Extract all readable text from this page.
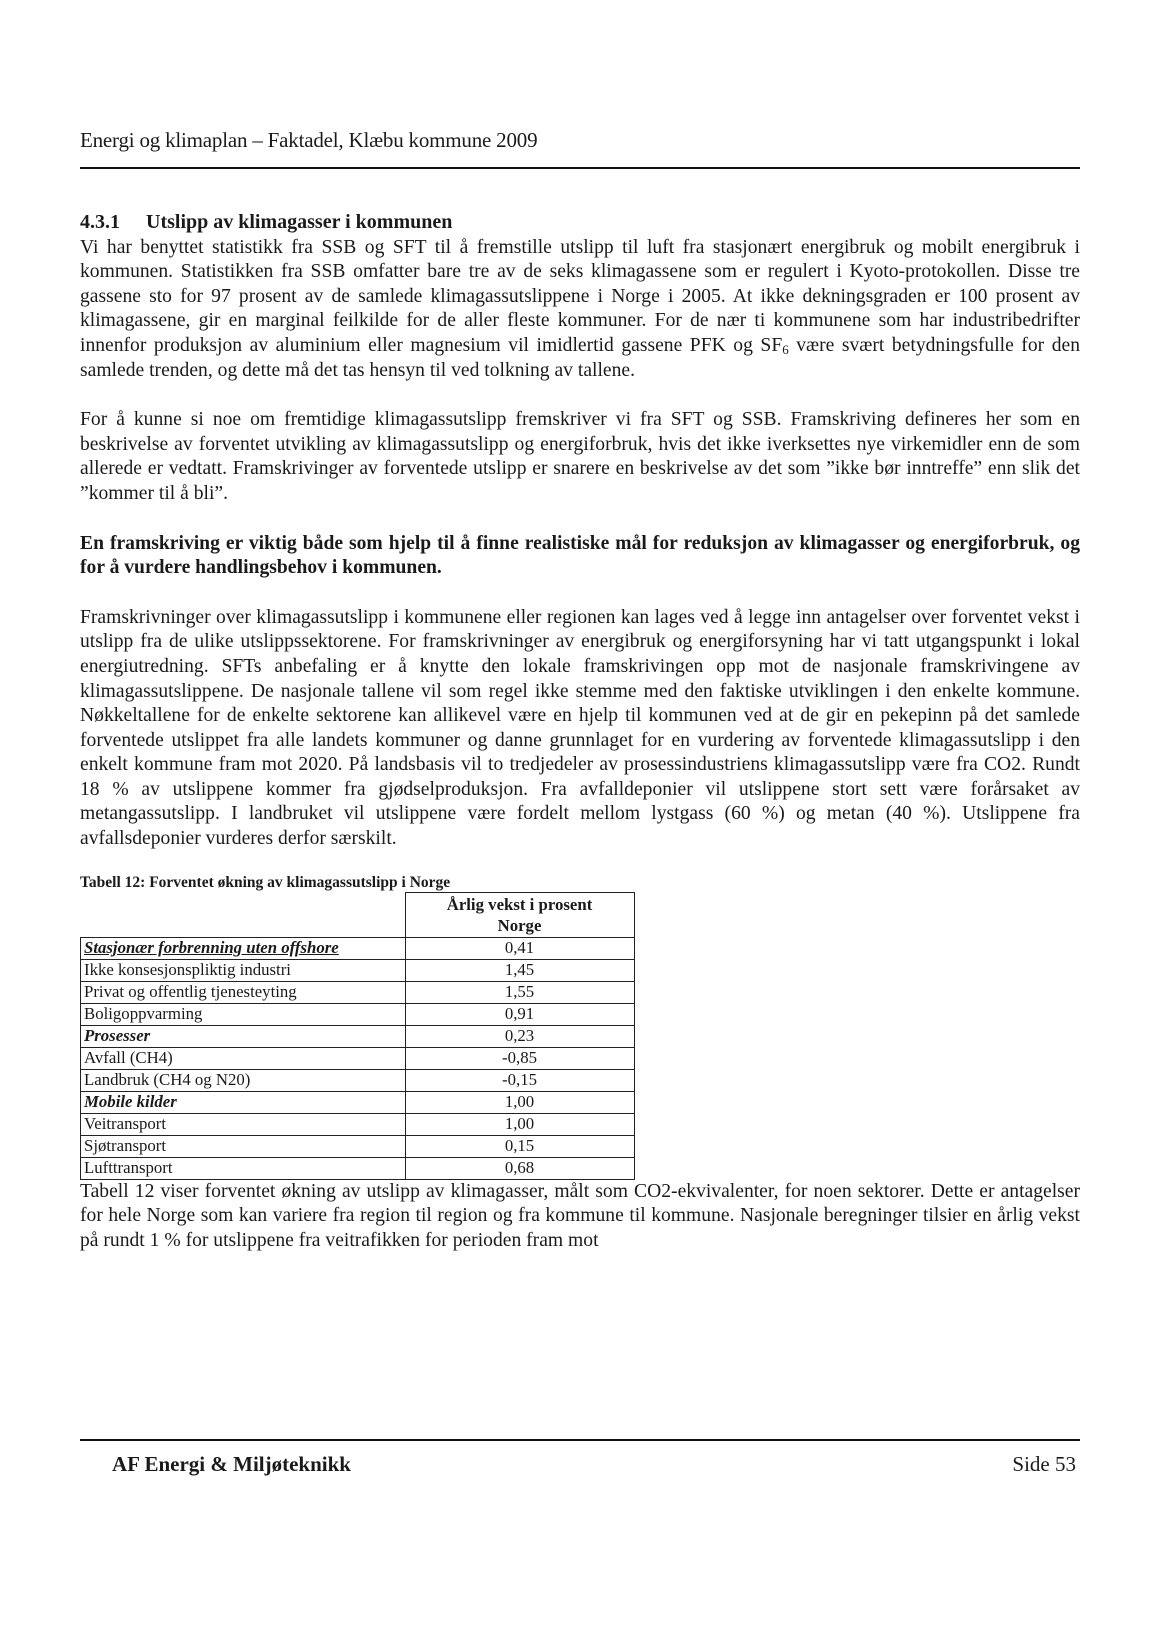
Energi og klimaplan – Faktadel, Klæbu kommune 2009
4.3.1 Utslipp av klimagasser i kommunen

Vi har benyttet statistikk fra SSB og SFT til å fremstille utslipp til luft fra stasjonært energibruk og mobilt energibruk i kommunen. Statistikken fra SSB omfatter bare tre av de seks klimagassene som er regulert i Kyoto-protokollen. Disse tre gassene sto for 97 prosent av de samlede klimagassutslippene i Norge i 2005. At ikke dekningsgraden er 100 prosent av klimagassene, gir en marginal feilkilde for de aller fleste kommuner. For de nær ti kommunene som har industribedrifter innenfor produksjon av aluminium eller magnesium vil imidlertid gassene PFK og $SF_6$ være svært betydningsfulle for den samlede trenden, og dette må det tas hensyn til ved tolkning av tallene.

For å kunne si noe om fremtidige klimagassutslipp fremskriver vi fra SFT og SSB. Framskriving defineres her som en beskrivelse av forventet utvikling av klimagassutslipp og energiforbruk, hvis det ikke iverksettes nye virkemidler enn de som allerede er vedtatt. Framskrivinger av forventede utslipp er snarere en beskrivelse av det som ”ikke bør inntreffe” enn slik det ”kommer til å bli”.

En framskriving er viktig både som hjelp til å finne realistiske mål for reduksjon av klimagasser og energiforbruk, og for å vurdere handlingsbehov i kommunen.

Framskrivninger over klimagassutslipp i kommunene eller regionen kan lages ved å legge inn antagelser over forventet vekst i utslipp fra de ulike utslippssektorene. For framskrivninger av energibruk og energiforsyning har vi tatt utgangspunkt i lokal energiutredning. SFTs anbefaling er å knytte den lokale framskrivingen opp mot de nasjonale framskrivingene av klimagassutslippene. De nasjonale tallene vil som regel ikke stemme med den faktiske utviklingen i den enkelte kommune. Nøkkeltallene for de enkelte sektorene kan allikevel være en hjelp til kommunen ved at de gir en pekepinn på det samlede forventede utslippet fra alle landets kommuner og danne grunnlaget for en vurdering av forventede klimagassutslipp i den enkelt kommune fram mot 2020. På landsbasis vil to tredjedeler av prosessindustriens klimagassutslipp være fra CO2. Rundt 18 % av utslippene kommer fra gjødselproduksjon. Fra avfalldeponier vil utslippene stort sett være forårsaket av metangassutslipp. I landbruket vil utslippene være fordelt mellom lystgass (60 %) og metan (40 %). Utslippene fra avfallsdeponier vurderes derfor særskilt.

Tabell 12: Forventet økning av klimagassutslipp i Norge
	Årlig vekst i prosent
Norge
Stasjonær forbrenning uten offshore	0,41
Ikke konsesjonspliktig industri	1,45
Privat og offentlig tjenesteyting	1,55
Boligoppvarming	0,91
Prosesser	0,23
Avfall (CH4)	-0,85
Landbruk (CH4 og N20)	-0,15
Mobile kilder	1,00
Veitransport	1,00
Sjøtransport	0,15
Lufttransport	0,68

Tabell 12 viser forventet økning av utslipp av klimagasser, målt som CO2-ekvivalenter, for noen sektorer. Dette er antagelser for hele Norge som kan variere fra region til region og fra kommune til kommune. Nasjonale beregninger tilsier en årlig vekst på rundt 1 % for utslippene fra veitrafikken for perioden fram mot

AF Energi & Miljøteknikk	Side 53
